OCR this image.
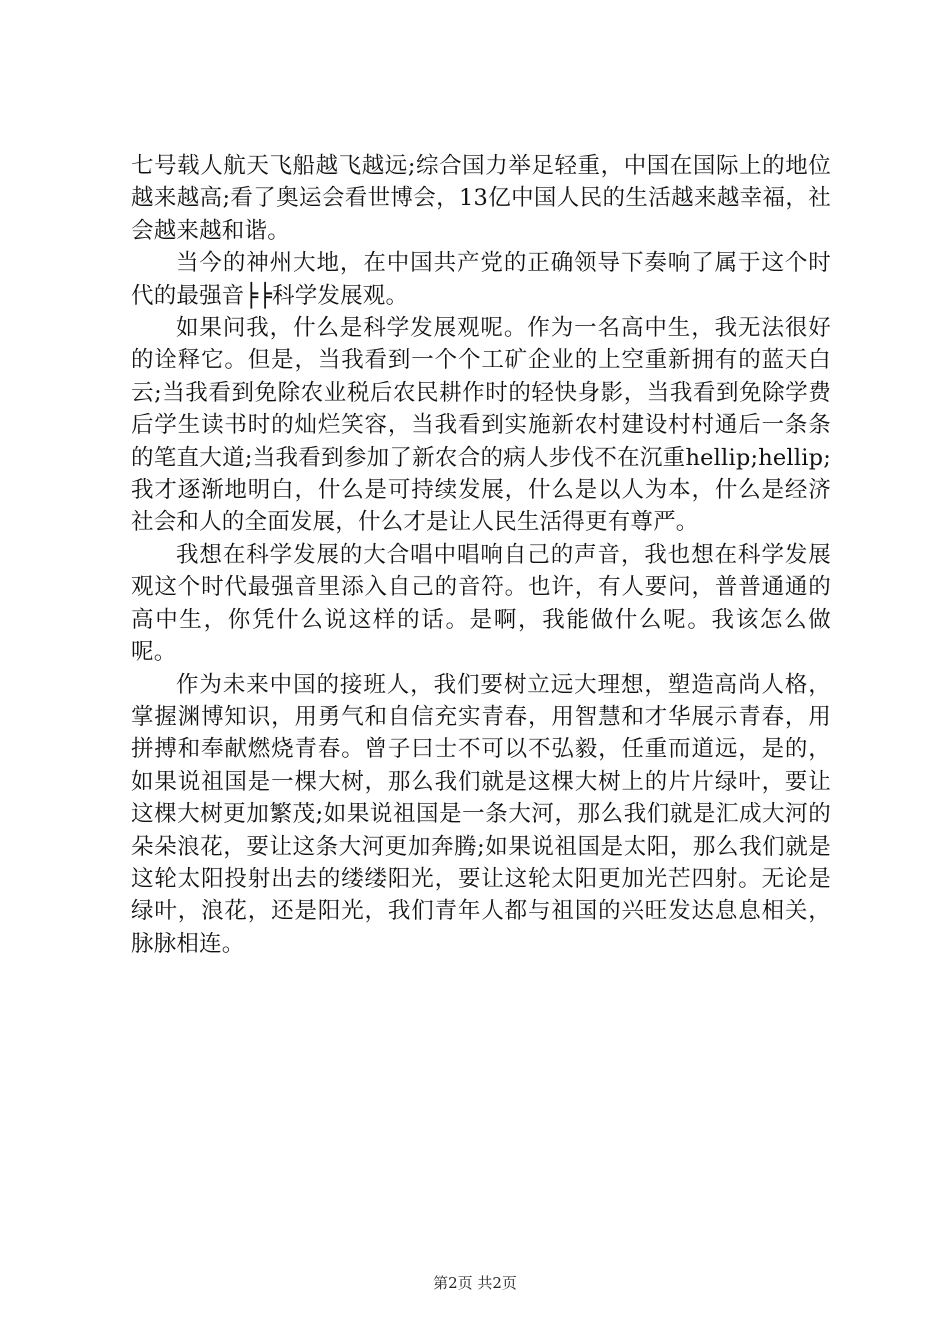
七号载人航天飞船越飞越远;综合国力举足轻重，中国在国际上的地位越来越高;看了奥运会看世博会，13亿中国人民的生活越来越幸福，社会越来越和谐。

当今的神州大地，在中国共产党的正确领导下奏响了属于这个时代的最强音╞╞科学发展观。

如果问我，什么是科学发展观呢。作为一名高中生，我无法很好的诠释它。但是，当我看到一个个工矿企业的上空重新拥有的蓝天白云;当我看到免除农业税后农民耕作时的轻快身影，当我看到免除学费后学生读书时的灿烂笑容，当我看到实施新农村建设村村通后一条条的笔直大道;当我看到参加了新农合的病人步伐不在沉重hellip;hellip;我才逐渐地明白，什么是可持续发展，什么是以人为本，什么是经济社会和人的全面发展，什么才是让人民生活得更有尊严。

我想在科学发展的大合唱中唱响自己的声音，我也想在科学发展观这个时代最强音里添入自己的音符。也许，有人要问，普普通通的高中生，你凭什么说这样的话。是啊，我能做什么呢。我该怎么做呢。

作为未来中国的接班人，我们要树立远大理想，塑造高尚人格，掌握渊博知识，用勇气和自信充实青春，用智慧和才华展示青春，用拼搏和奉献燃烧青春。曾子曰士不可以不弘毅，任重而道远，是的，如果说祖国是一棵大树，那么我们就是这棵大树上的片片绿叶，要让这棵大树更加繁茂;如果说祖国是一条大河，那么我们就是汇成大河的朵朵浪花，要让这条大河更加奔腾;如果说祖国是太阳，那么我们就是这轮太阳投射出去的缕缕阳光，要让这轮太阳更加光芒四射。无论是绿叶，浪花，还是阳光，我们青年人都与祖国的兴旺发达息息相关，脉脉相连。

第2页 共2页
